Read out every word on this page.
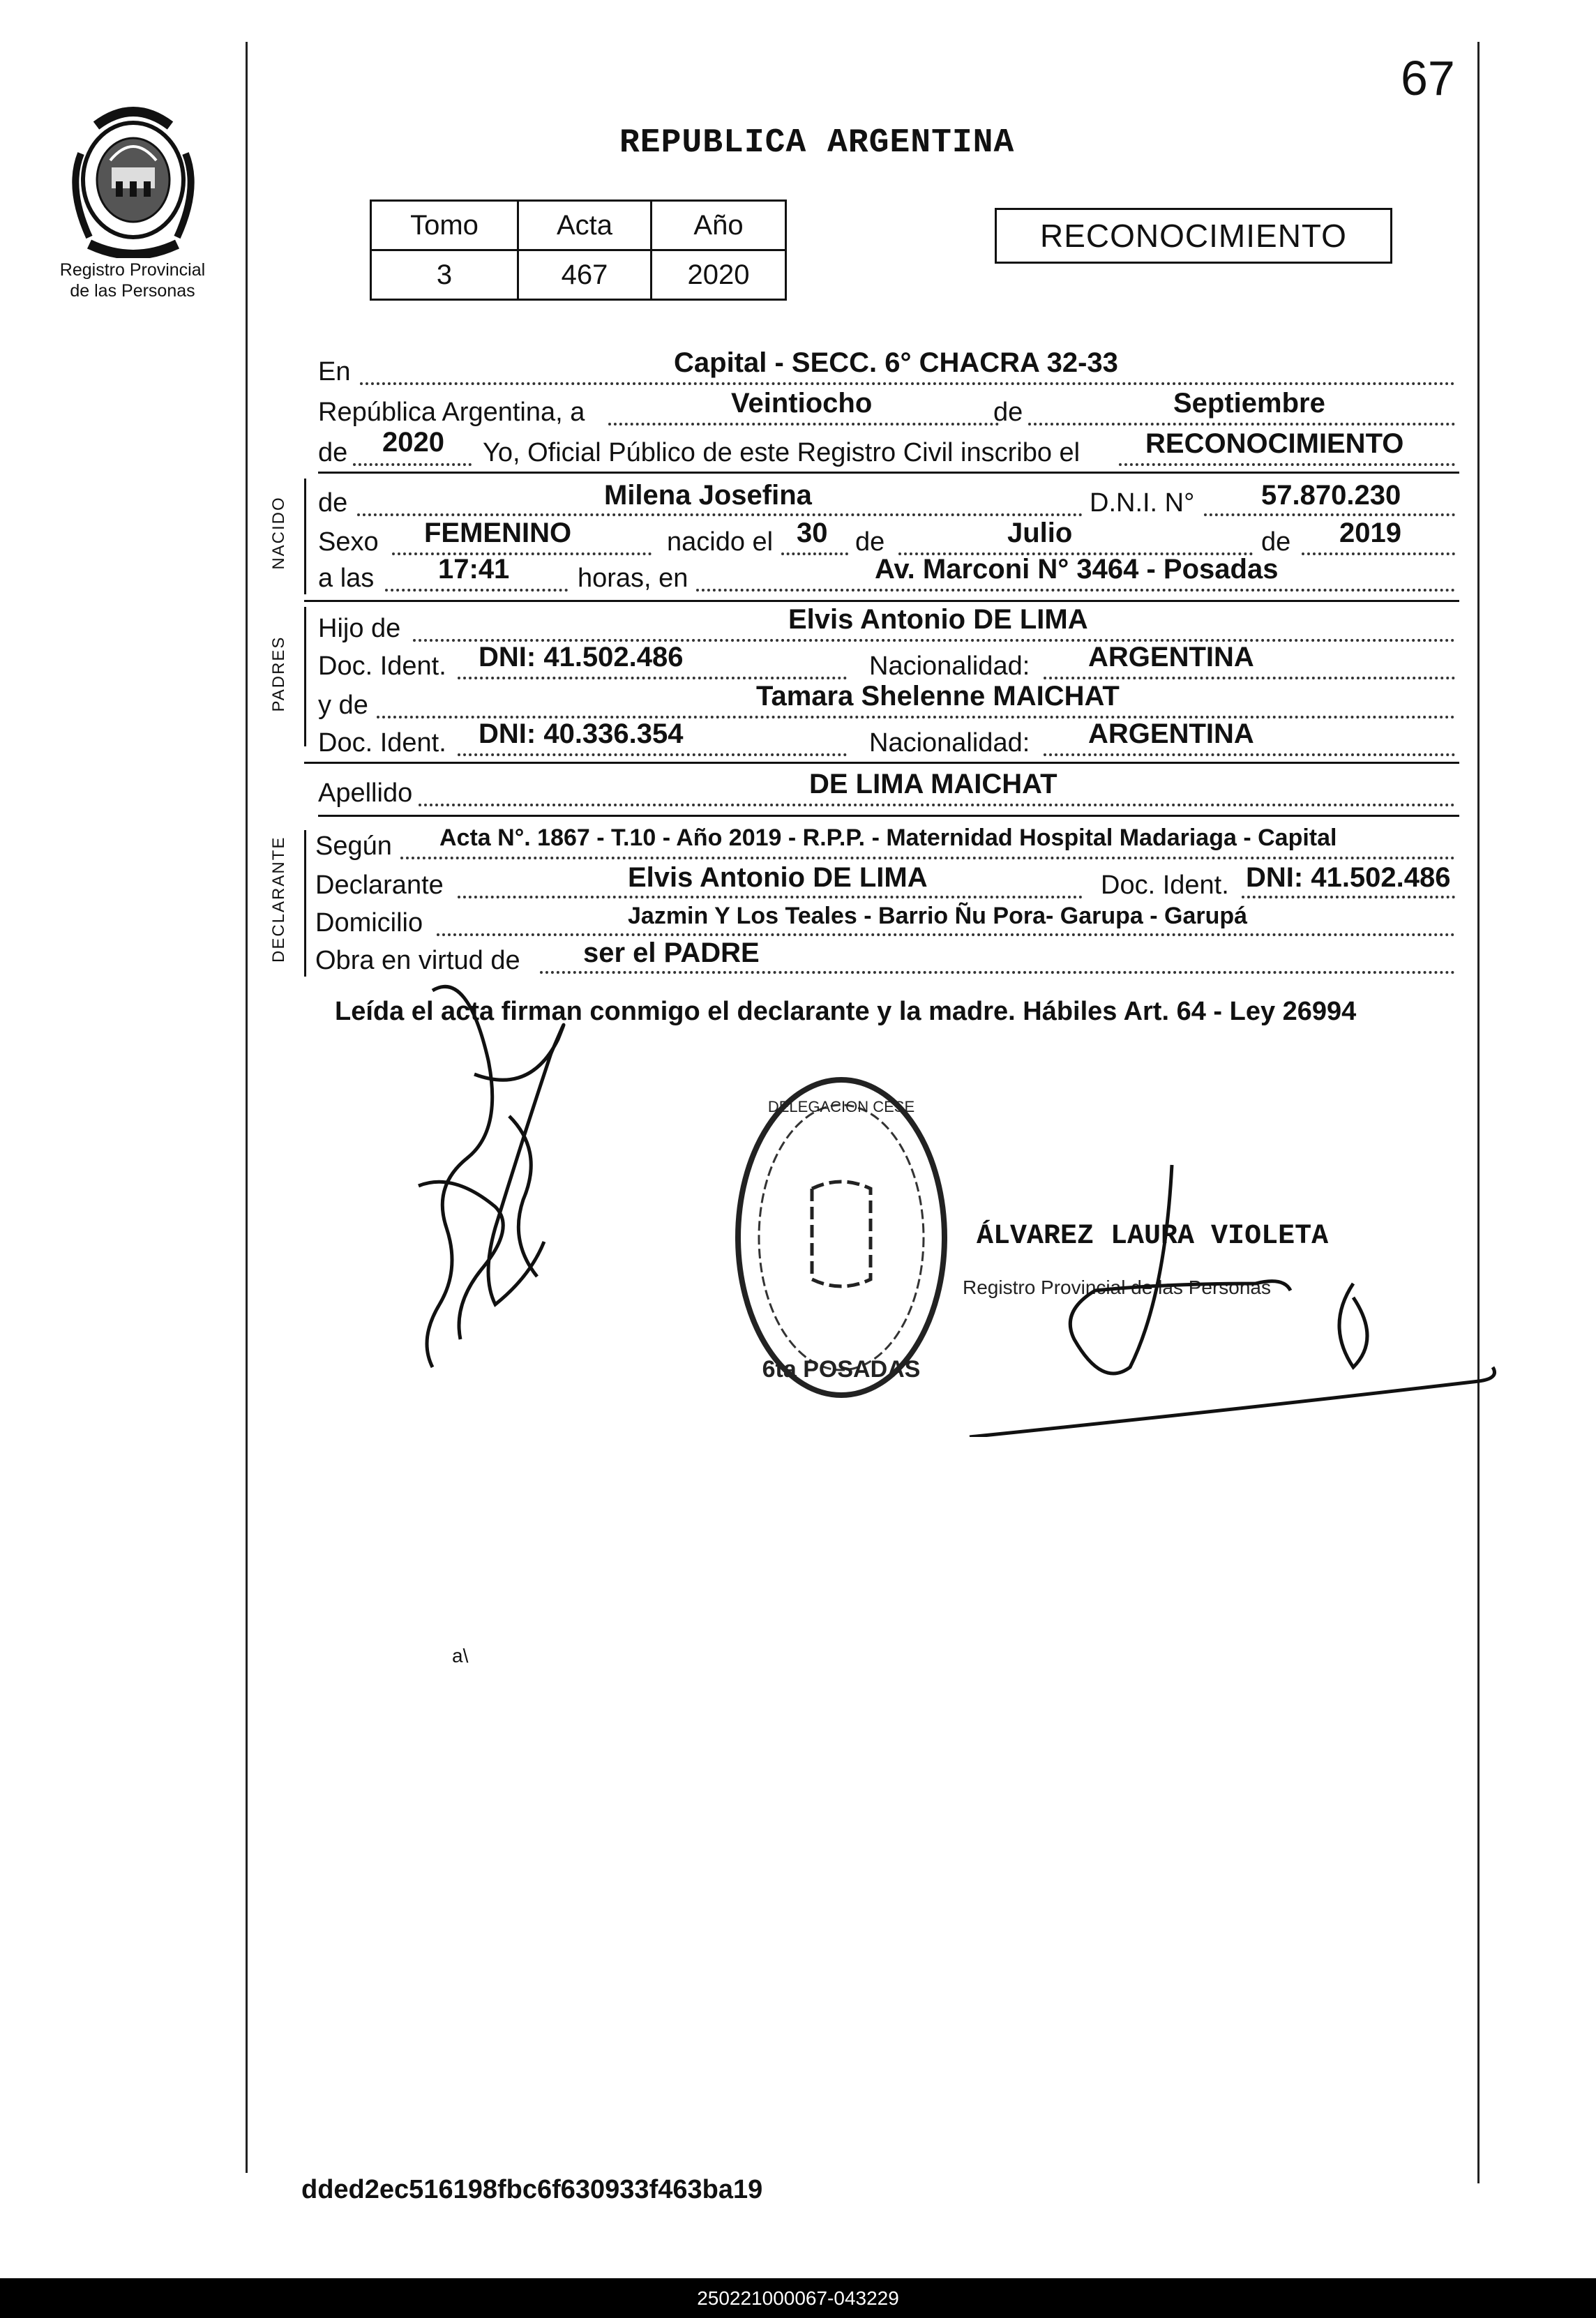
67
REPUBLICA ARGENTINA
Registro Provincial
de las Personas
Tomo	Acta	Año
3	467	2020
RECONOCIMIENTO
En	Capital - SECC. 6° CHACRA 32-33
República Argentina, a	Veintiocho	de	Septiembre
de 2020 Yo, Oficial Público de este Registro Civil inscribo el RECONOCIMIENTO
NACIDO de	Milena Josefina	D.N.I. N° 57.870.230
Sexo FEMENINO	nacido el 30 de	Julio	de 2019
a las 17:41	horas, en	Av. Marconi N° 3464 - Posadas
PADRES
Hijo de	Elvis Antonio DE LIMA
Doc. Ident. DNI: 41.502.486	Nacionalidad: ARGENTINA
y de	Tamara Shelenne MAICHAT
Doc. Ident. DNI: 40.336.354	Nacionalidad: ARGENTINA
Apellido	DE LIMA MAICHAT
DECLARANTE Según Acta N°. 1867 - T.10 - Año 2019 - R.P.P. - Maternidad Hospital Madariaga - Capital
Declarante	Elvis Antonio DE LIMA	Doc. Ident. DNI: 41.502.486
Domicilio	Jazmin Y Los Teales - Barrio Ñu Pora- Garupa - Garupá
Obra en virtud de ser el PADRE
Leída el acta firman conmigo el declarante y la madre. Hábiles Art. 64 - Ley 26994
6ta POSADAS
DELEGACION CESE
ÁLVAREZ LAURA VIOLETA
Registro Provincial de las Personas
a\
dded2ec516198fbc6f630933f463ba19
250221000067-043229
